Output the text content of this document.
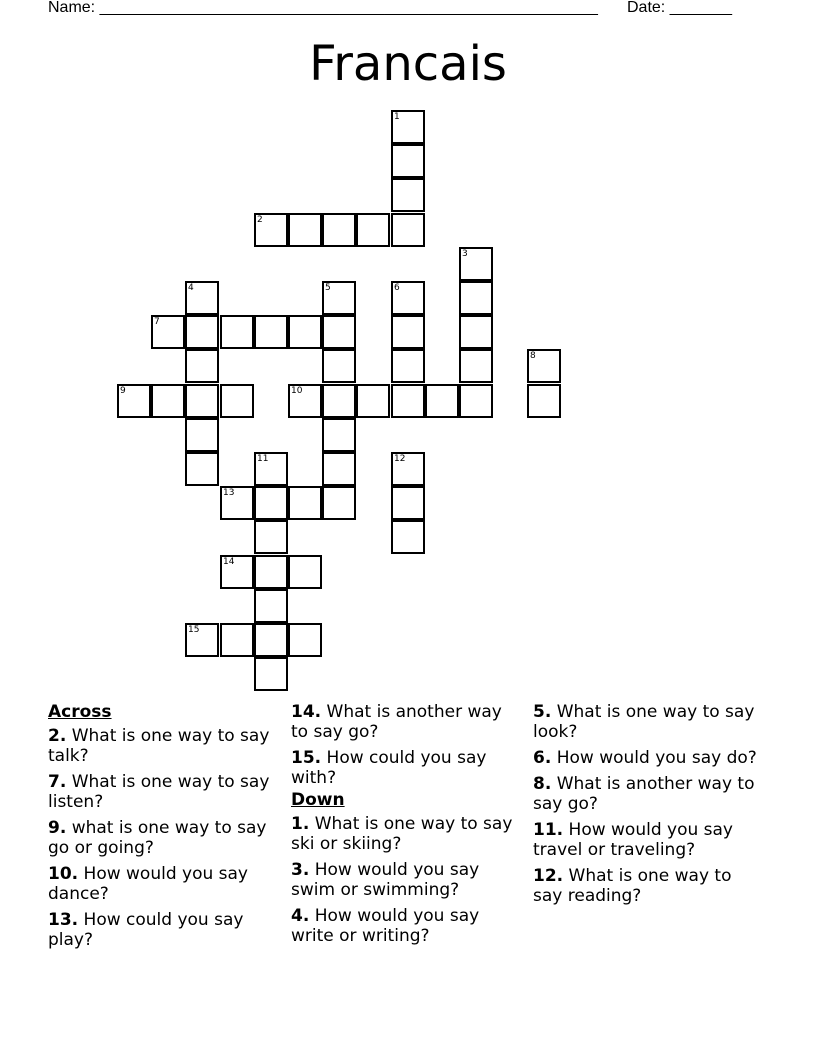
Name: ________________________________________________________ Date: _______
Francais
1
2
3
4	5	6
7
8
9	10
11	12
13
14
15
Across
2. What is one way to say talk?
7. What is one way to say listen?
9. what is one way to say go or going?
10. How would you say dance?
13. How could you say play?
14. What is another way to say go?
15. How could you say with?
Down
1. What is one way to say ski or skiing?
3. How would you say swim or swimming?
4. How would you say write or writing?
5. What is one way to say look?
6. How would you say do?
8. What is another way to say go?
11. How would you say travel or traveling?
12. What is one way to say reading?
